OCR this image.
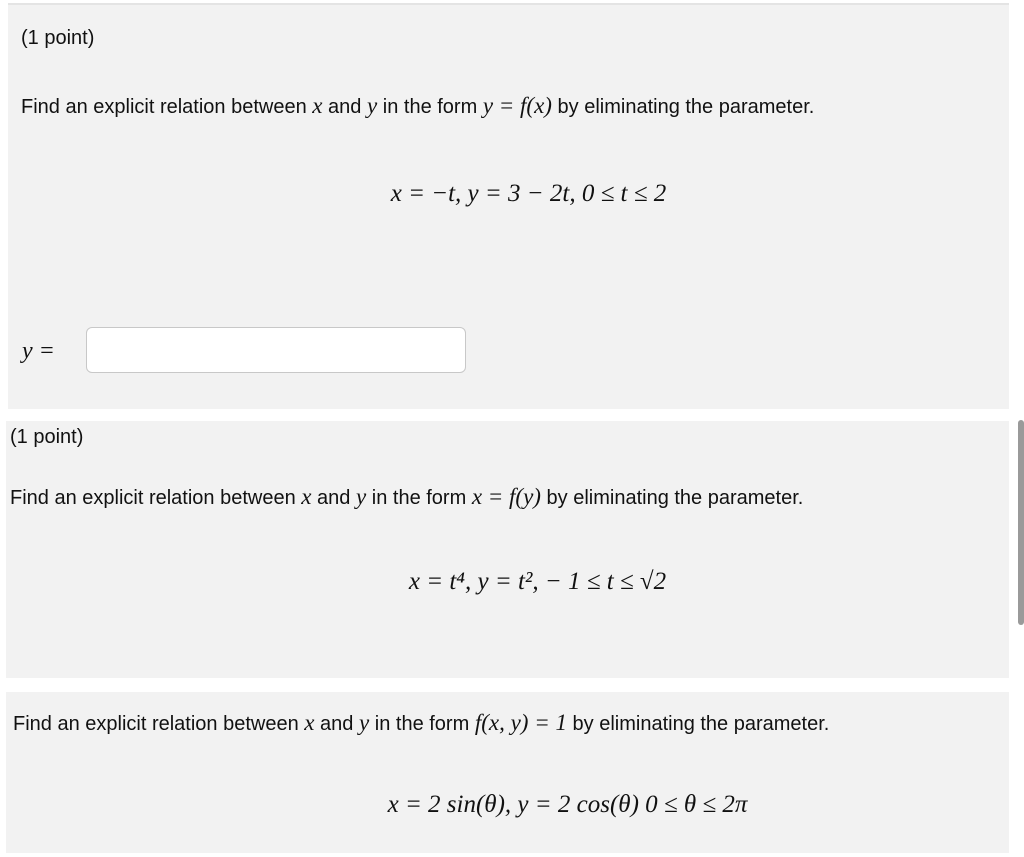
(1 point)
Find an explicit relation between x and y in the form y = f(x) by eliminating the parameter.
x = −t, y = 3 − 2t, 0 ≤ t ≤ 2
y =
(1 point)
Find an explicit relation between x and y in the form x = f(y) by eliminating the parameter.
x = t⁴, y = t², − 1 ≤ t ≤ √2
Find an explicit relation between x and y in the form f(x, y) = 1 by eliminating the parameter.
x = 2 sin(θ), y = 2 cos(θ) 0 ≤ θ ≤ 2π
